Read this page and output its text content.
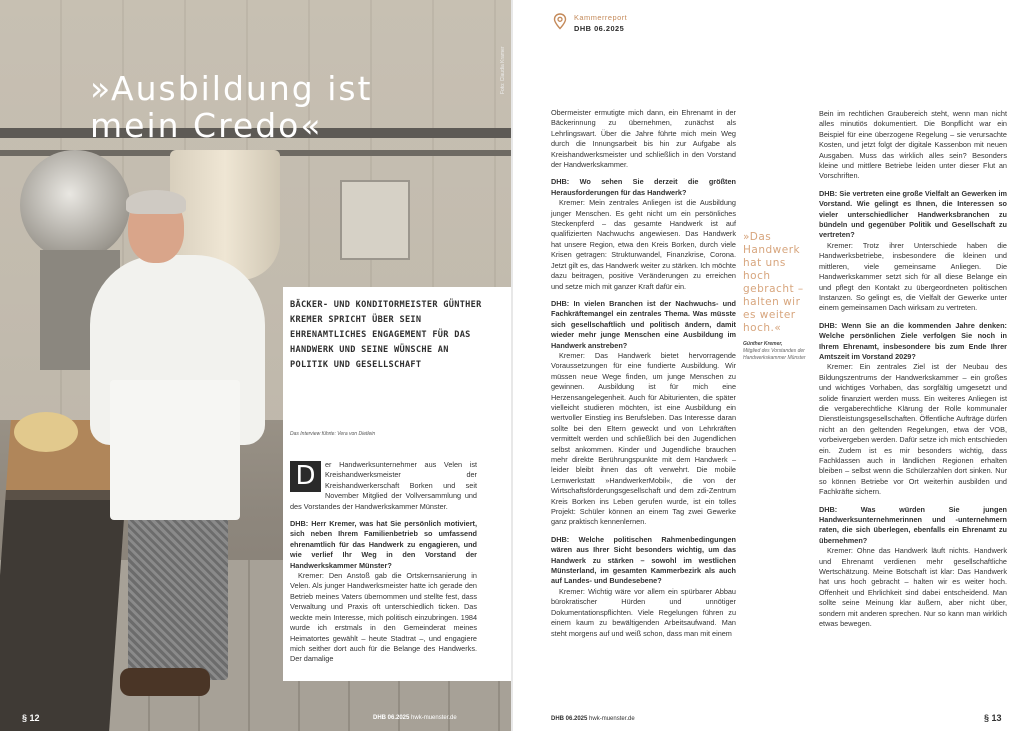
Foto: Claudia Kramer
»Ausbildung ist
mein Credo«
BÄCKER- UND KONDITORMEISTER GÜNTHER KREMER SPRICHT ÜBER SEIN EHRENAMTLICHES ENGAGEMENT FÜR DAS HANDWERK UND SEINE WÜNSCHE AN POLITIK UND GESELLSCHAFT
Das Interview führte: Vera von Dietlein

D	er Handwerksunternehmer aus Velen ist Kreishandwerksmeister der Kreishandwerkerschaft Borken und seit November Mitglied der Vollversammlung und des Vorstandes der Handwerkskammer Münster.

DHB: Herr Kremer, was hat Sie persönlich motiviert, sich neben Ihrem Familienbetrieb so umfassend ehrenamtlich für das Handwerk zu engagieren, und wie verlief Ihr Weg in den Vorstand der Handwerkskammer Münster?

Kremer: Den Anstoß gab die Ortskernsanierung in Velen. Als junger Handwerksmeister hatte ich gerade den Betrieb meines Vaters übernommen und stellte fest, dass Verwaltung und Praxis oft unterschiedlich ticken. Das weckte mein Interesse, mich politisch einzubringen. 1984 wurde ich erstmals in den Gemeinderat meines Heimatortes gewählt – heute Stadtrat –, und engagiere mich seither dort auch für die Belange des Handwerks. Der damalige

§ 12	DHB 06.2025 hwk-muenster.de
Kammerreport
DHB 06.2025

Obermeister ermutigte mich dann, ein Ehrenamt in der Bäckerinnung zu übernehmen, zunächst als Lehrlingswart. Über die Jahre führte mich mein Weg durch die Innungsarbeit bis hin zur Aufgabe als Kreishandwerksmeister und schließlich in den Vorstand der Handwerkskammer.

DHB: Wo sehen Sie derzeit die größten Herausforderungen für das Handwerk?

Kremer: Mein zentrales Anliegen ist die Ausbildung junger Menschen. Es geht nicht um ein persönliches Steckenpferd – das gesamte Handwerk ist auf qualifizierten Nachwuchs angewiesen. Das Handwerk hat unsere Region, etwa den Kreis Borken, durch viele Krisen getragen: Strukturwandel, Finanzkrise, Corona. Jetzt gilt es, das Handwerk weiter zu stärken. Ich möchte dazu beitragen, positive Veränderungen zu erreichen und setze mich mit ganzer Kraft dafür ein.

DHB: In vielen Branchen ist der Nachwuchs- und Fachkräftemangel ein zentrales Thema. Was müsste sich gesellschaftlich und politisch ändern, damit wieder mehr junge Menschen eine Ausbildung im Handwerk anstreben?

Kremer: Das Handwerk bietet hervorragende Voraussetzungen für eine fundierte Ausbildung. Wir müssen neue Wege finden, um junge Menschen zu gewinnen. Ausbildung ist für mich eine Herzensangelegenheit. Auch für Abiturienten, die später vielleicht studieren möchten, ist eine Ausbildung ein wertvoller Einstieg ins Berufsleben. Das Interesse daran sollte bei den Eltern geweckt und von Lehrkräften vermittelt werden und schließlich bei den Jugendlichen selbst ankommen. Kinder und Jugendliche brauchen mehr direkte Berührungspunkte mit dem Handwerk – leider bleibt ihnen das oft verwehrt. Die mobile Lernwerkstatt »HandwerkerMobil«, die von der Wirtschaftsförderungsgesellschaft und dem zdi-Zentrum Kreis Borken ins Leben gerufen wurde, ist ein tolles Projekt: Schüler können an einem Tag zwei Gewerke ganz praktisch kennenlernen.

DHB: Welche politischen Rahmenbedingungen wären aus Ihrer Sicht besonders wichtig, um das Handwerk zu stärken – sowohl im westlichen Münsterland, im gesamten Kammerbezirk als auch auf Landes- und Bundesebene?

Kremer: Wichtig wäre vor allem ein spürbarer Abbau bürokratischer Hürden und unnötiger Dokumentationspflichten. Viele Regelungen führen zu einem kaum zu bewältigenden Arbeitsaufwand. Man steht morgens auf und weiß schon, dass man mit einem

»Das Handwerk hat uns hoch gebracht – halten wir es weiter hoch.«
Günther Kremer,
Mitglied des Vorstandes der Handwerkskammer Münster

Bein im rechtlichen Graubereich steht, wenn man nicht alles minutiös dokumentiert. Die Bonpflicht war ein Beispiel für eine überzogene Regelung – sie verursachte Kosten, und jetzt folgt der digitale Kassenbon mit neuen Ausgaben. Muss das wirklich alles sein? Besonders kleine und mittlere Betriebe leiden unter dieser Flut an Vorschriften.

DHB: Sie vertreten eine große Vielfalt an Gewerken im Vorstand. Wie gelingt es Ihnen, die Interessen so vieler unterschiedlicher Handwerksbranchen zu bündeln und gegenüber Politik und Gesellschaft zu vertreten?

Kremer: Trotz ihrer Unterschiede haben die Handwerksbetriebe, insbesondere die kleinen und mittleren, viele gemeinsame Anliegen. Die Handwerkskammer setzt sich für all diese Belange ein und pflegt den Kontakt zu übergeordneten politischen Instanzen. So gelingt es, die Vielfalt der Gewerke unter einem gemeinsamen Dach wirksam zu vertreten.

DHB: Wenn Sie an die kommenden Jahre denken: Welche persönlichen Ziele verfolgen Sie noch in Ihrem Ehrenamt, insbesondere bis zum Ende Ihrer Amtszeit im Vorstand 2029?

Kremer: Ein zentrales Ziel ist der Neubau des Bildungszentrums der Handwerkskammer – ein großes und wichtiges Vorhaben, das sorgfältig umgesetzt und solide finanziert werden muss. Ein weiteres Anliegen ist die vergaberechtliche Klärung der Rolle kommunaler Dienstleistungsgesellschaften. Öffentliche Aufträge dürfen nicht an den geltenden Regelungen, etwa der VOB, vorbeivergeben werden. Dafür setze ich mich entschieden ein. Zudem ist es mir besonders wichtig, dass Fachklassen auch in ländlichen Regionen erhalten bleiben – selbst wenn die Schülerzahlen dort sinken. Nur so können Betriebe vor Ort weiterhin ausbilden und Fachkräfte sichern.

DHB: Was würden Sie jungen Handwerksunternehmerinnen und -unternehmern raten, die sich überlegen, ebenfalls ein Ehrenamt zu übernehmen?

Kremer: Ohne das Handwerk läuft nichts. Handwerk und Ehrenamt verdienen mehr gesellschaftliche Wertschätzung. Meine Botschaft ist klar: Das Handwerk hat uns hoch gebracht – halten wir es weiter hoch. Offenheit und Ehrlichkeit sind dabei entscheidend. Man sollte seine Meinung klar äußern, aber nicht über, sondern mit anderen sprechen. Nur so kann man wirklich etwas bewegen.

DHB 06.2025 hwk-muenster.de	§ 13
